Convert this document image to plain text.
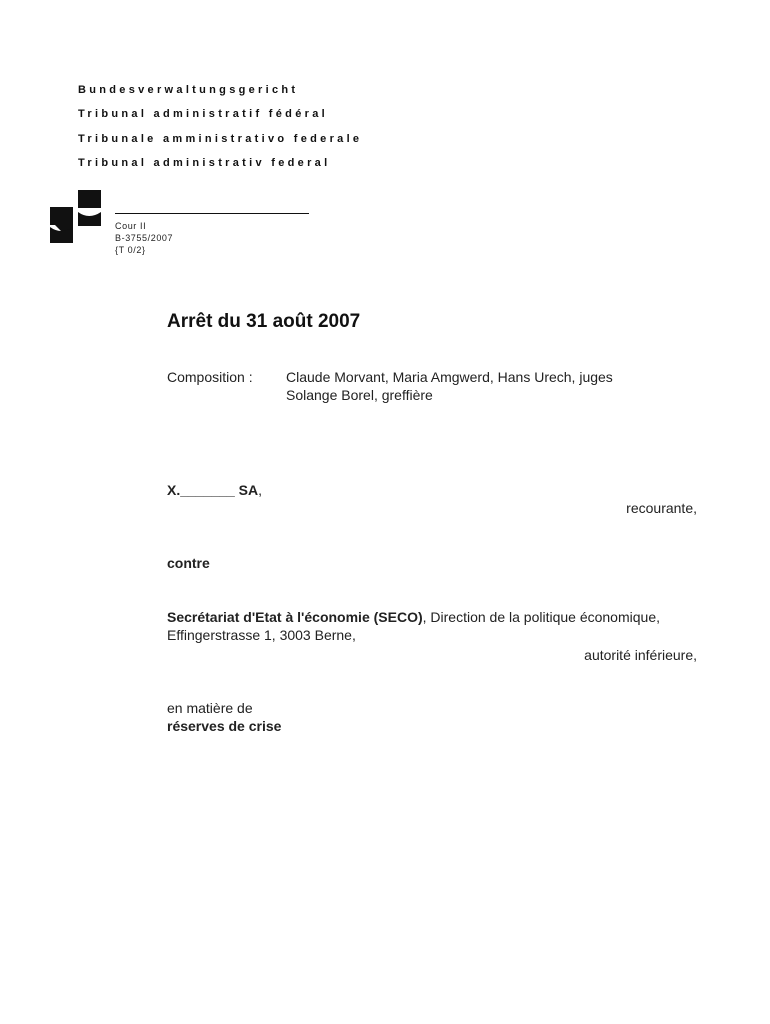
Bundesverwaltungsgericht
Tribunal administratif fédéral
Tribunale amministrativo federale
Tribunal administrativ federal
Cour II
B-3755/2007
{T 0/2}
Arrêt du 31 août 2007
Composition : Claude Morvant, Maria Amgwerd, Hans Urech, juges
Solange Borel, greffière
X._______ SA,
recourante,
contre
Secrétariat d'Etat à l'économie (SECO), Direction de la politique économique,
Effingerstrasse 1, 3003 Berne,
autorité inférieure,
en matière de
réserves de crise
